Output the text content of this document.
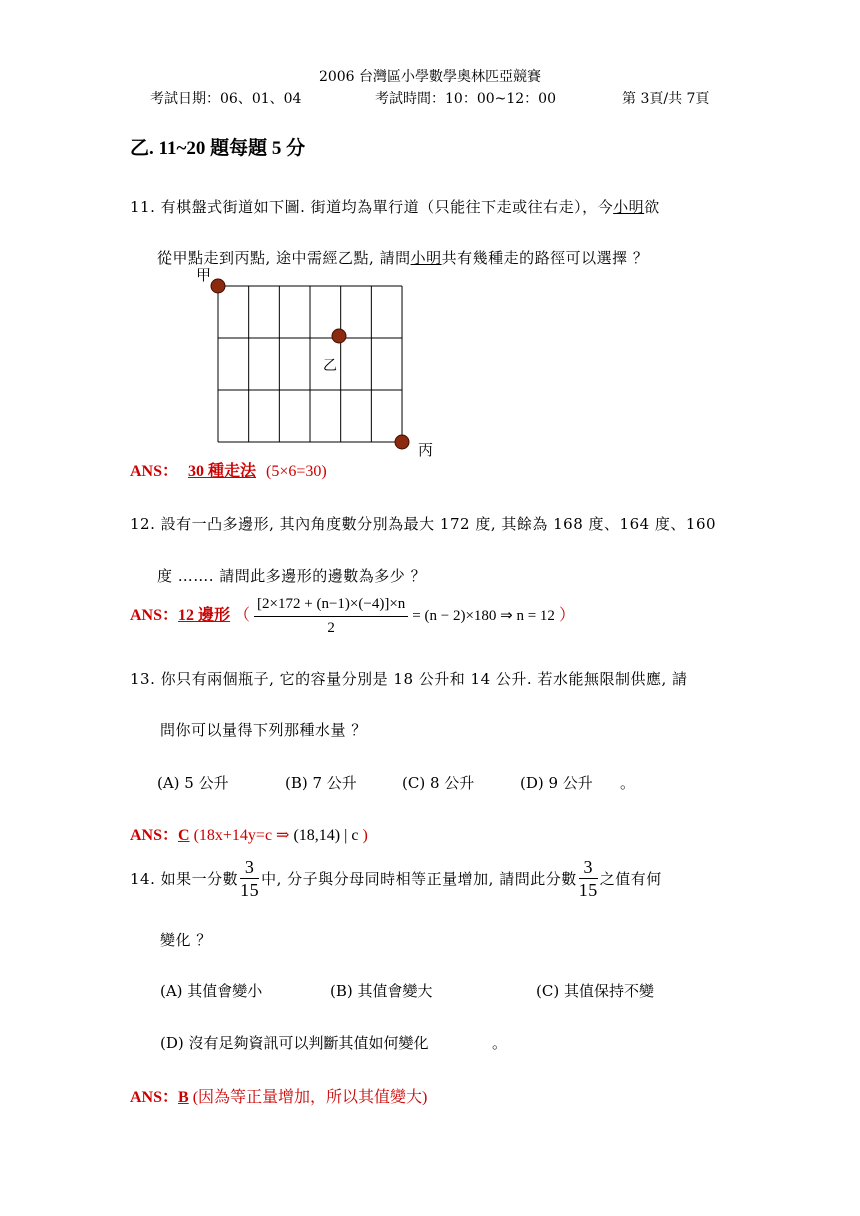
2006 台灣區小學數學奧林匹亞競賽
考試日期：06、01、04	考試時間：10：00~12：00	第 3頁/共 7頁
乙. 11~20 題每題 5 分
11. 有棋盤式街道如下圖. 街道均為單行道（只能往下走或往右走），今小明欲
從甲點走到丙點, 途中需經乙點, 請問小明共有幾種走的路徑可以選擇 ？
甲
乙
丙
ANS： 30 種走法 (5×6=30)
12. 設有一凸多邊形, 其內角度數分別為最大 172 度, 其餘為 168 度、164 度、160
度 ……. 請問此多邊形的邊數為多少 ？
ANS：12 邊形 （ $\frac{[2\times 172 + (n-1)\times(-4)]\times n}{2} = (n - 2)\times 180$ ⇒ n = 12 ）
13. 你只有兩個瓶子, 它的容量分別是 18 公升和 14 公升. 若水能無限制供應, 請
問你可以量得下列那種水量 ？
(A) 5 公升	(B) 7 公升	(C) 8 公升	(D) 9 公升 。
ANS：C (18x+14y=c ⇒ (18,14) | c )
14. 如果一分數 $\frac{3}{15}$ 中, 分子與分母同時相等正量增加, 請問此分數 $\frac{3}{15}$ 之值有何
變化 ？
(A) 其值會變小	(B) 其值會變大	(C) 其值保持不變
(D) 沒有足夠資訊可以判斷其值如何變化	。
ANS：B (因為等正量增加，所以其值變大)
